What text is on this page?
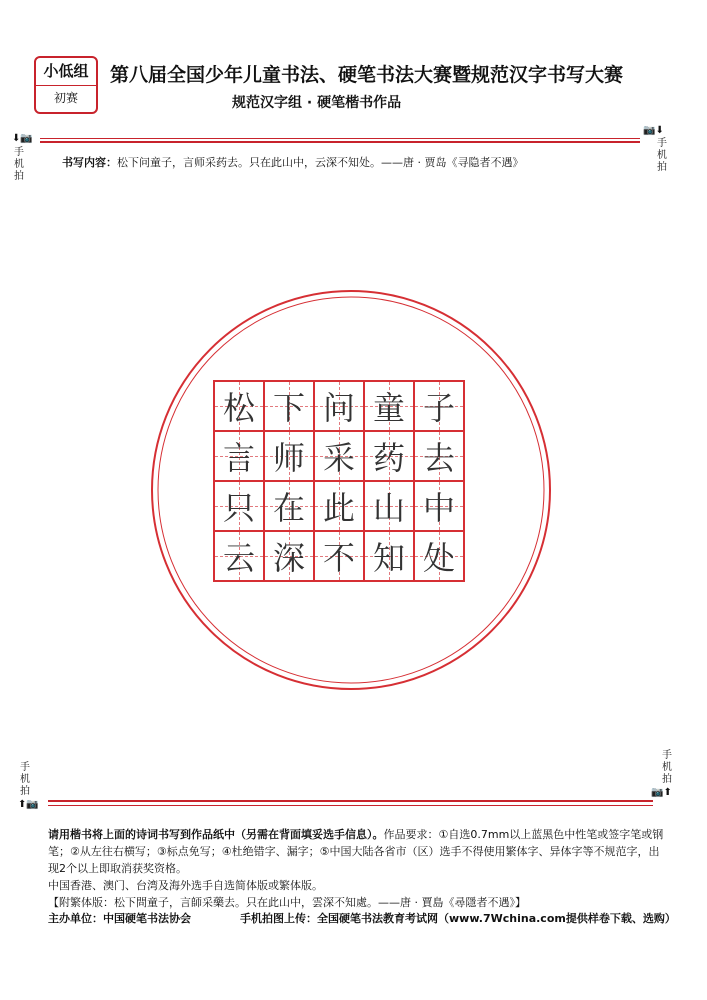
小低组
初赛
第八届全国少年儿童书法、硬笔书法大赛暨规范汉字书写大赛
规范汉字组 · 硬笔楷书作品
⬇📷
手
机
拍
📷⬇
手
机
拍
书写内容：松下问童子，言师采药去。只在此山中，云深不知处。——唐 · 贾岛《寻隐者不遇》
松 下 问 童 子
言 师 采 药 去
只 在 此 山 中
云 深 不 知 处
手
机
拍
⬆📷
手
机
拍
📷⬆

请用楷书将上面的诗词书写到作品纸中（另需在背面填妥选手信息）。作品要求：①自选0.7mm以上蓝黑色中性笔或签字笔或钢笔；②从左往右横写；③标点免写；④杜绝错字、漏字；⑤中国大陆各省市（区）选手不得使用繁体字、异体字等不规范字，出现2个以上即取消获奖资格。

中国香港、澳门、台湾及海外选手自选简体版或繁体版。

【附繁体版：松下問童子，言師采藥去。只在此山中，雲深不知處。——唐 · 賈島《尋隱者不遇》】

主办单位：中国硬笔书法协会	手机拍图上传：全国硬笔书法教育考试网（www.7Wchina.com提供样卷下载、选购）
